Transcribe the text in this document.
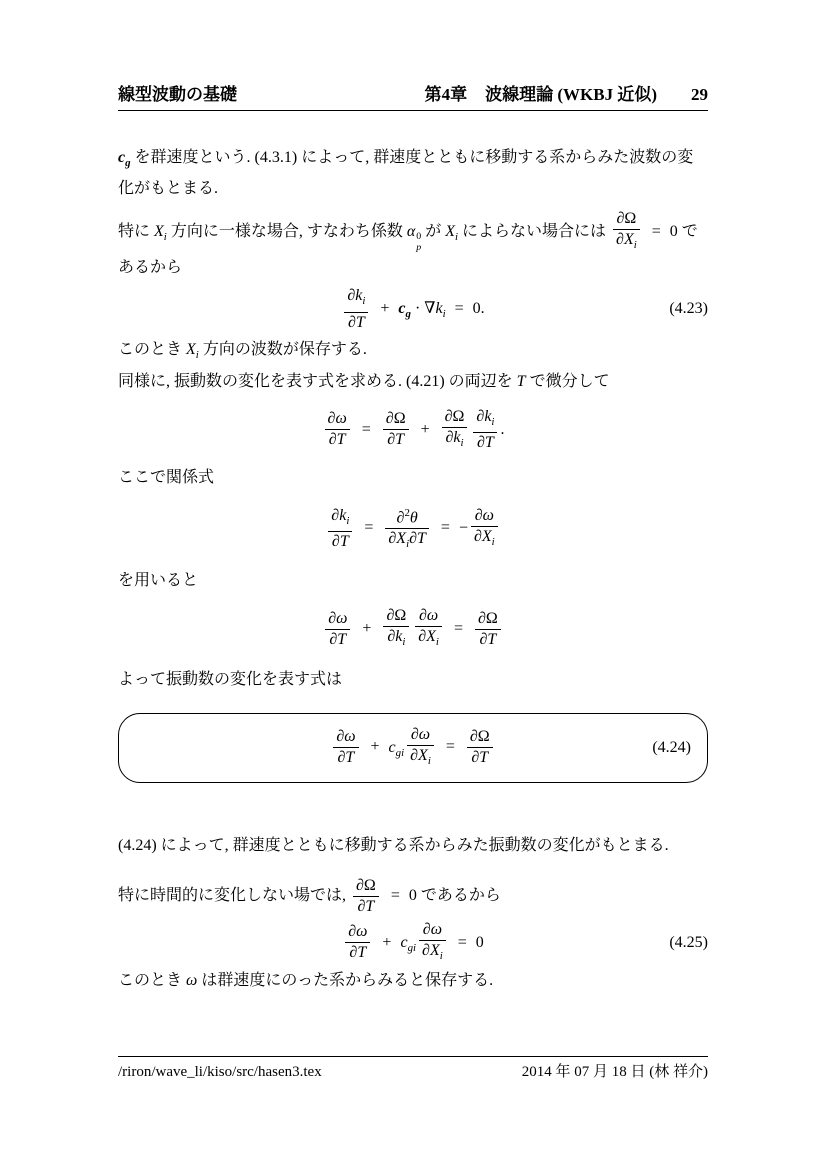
線型波動の基礎	第4章 波線理論 (WKBJ 近似) 29

$c_g$ を群速度という. (4.3.1) によって, 群速度とともに移動する系からみた波数の変化がもとまる.

特に $X_i$ 方向に一様な場合, すなわち係数 α 0
p
が $X_i$ によらない場合には $\frac{\partial\Omega}{\partial X_i} = 0$ であるから

$\frac{\partial k_i}{\partial T} + c_g \cdot \nabla k_i = 0$.	(4.23)

このとき $X_i$ 方向の波数が保存する.

同様に, 振動数の変化を表す式を求める. (4.21) の両辺を T で微分して

$\frac{\partial\omega}{\partial T} = \frac{\partial\Omega}{\partial T} + \frac{\partial\Omega}{\partial k_i} \frac{\partial k_i}{\partial T}$ .

ここで関係式

$\frac{\partial k_i}{\partial T} = \frac{\partial^2\theta}{\partial X_i\partial T}$ = − $\frac{\partial\omega}{\partial X_i}$

を用いると

$\frac{\partial\omega}{\partial T} + \frac{\partial\Omega}{\partial k_i} \frac{\partial\omega}{\partial X_i} = \frac{\partial\Omega}{\partial T}$

よって振動数の変化を表す式は

$\frac{\partial\omega}{\partial T} + c_{gi} \frac{\partial\omega}{\partial X_i} = \frac{\partial\Omega}{\partial T}$	(4.24)

(4.24) によって, 群速度とともに移動する系からみた振動数の変化がもとまる.

特に時間的に変化しない場では, $\frac{\partial\Omega}{\partial T} = 0$ であるから

$\frac{\partial\omega}{\partial T} + c_{gi} \frac{\partial\omega}{\partial X_i} = 0$	(4.25)

このとき ω は群速度にのった系からみると保存する.

/riron/wave_li/kiso/src/hasen3.tex	2014 年 07 月 18 日 (林 祥介)
